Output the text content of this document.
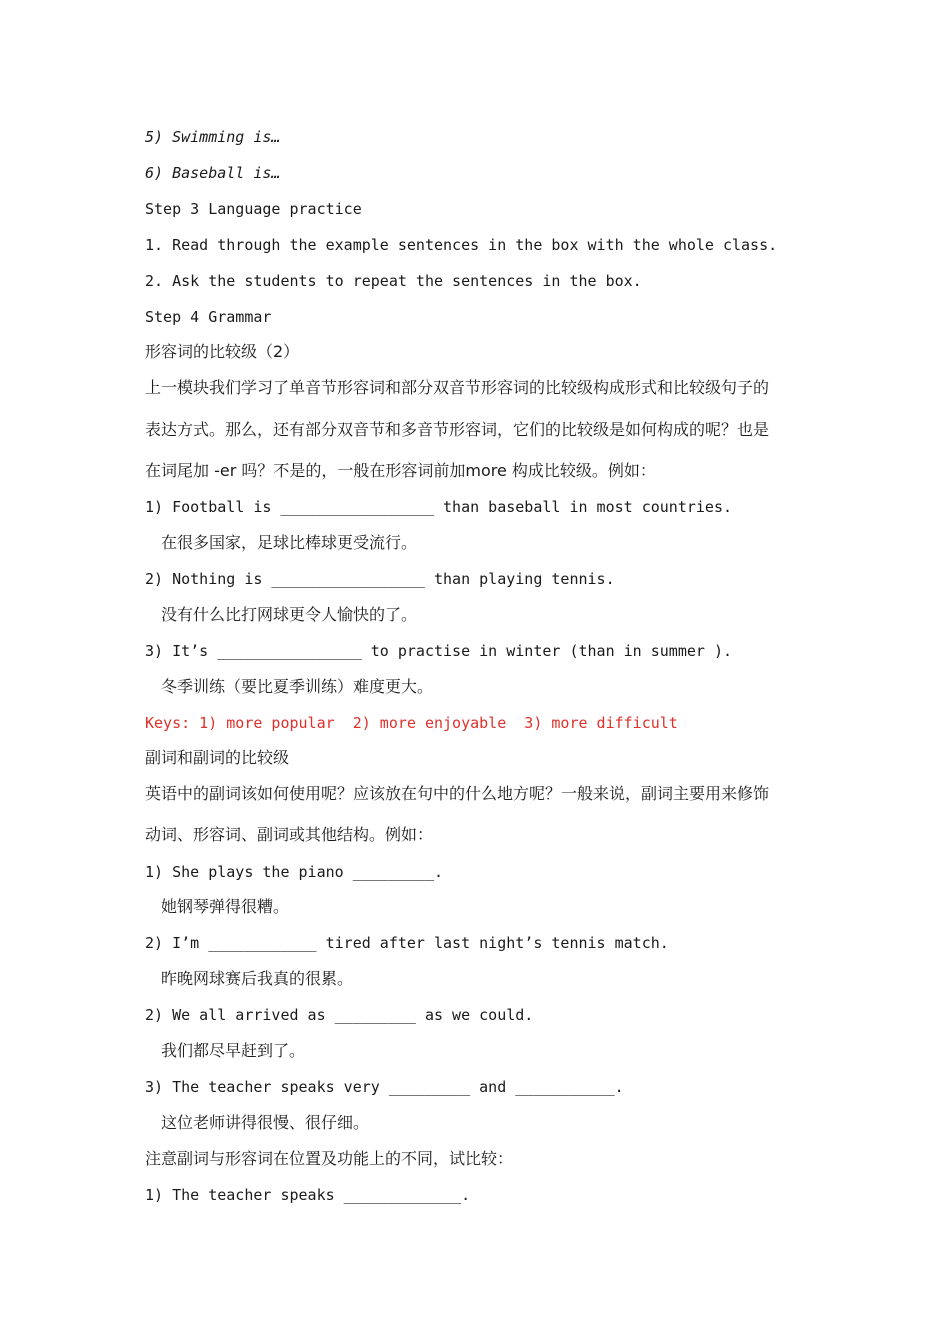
5) Swimming is…
6) Baseball is…
Step 3 Language practice
1. Read through the example sentences in the box with the whole class.
2. Ask the students to repeat the sentences in the box.
Step 4 Grammar
形容词的比较级（2）
上一模块我们学习了单音节形容词和部分双音节形容词的比较级构成形式和比较级句子的
表达方式。那么，还有部分双音节和多音节形容词，它们的比较级是如何构成的呢？也是
在词尾加 -er 吗？不是的，一般在形容词前加more 构成比较级。例如：
1) Football is _________________ than baseball in most countries.
在很多国家，足球比棒球更受流行。
2) Nothing is _________________ than playing tennis.
没有什么比打网球更令人愉快的了。
3) It’s ________________ to practise in winter (than in summer ).
冬季训练（要比夏季训练）难度更大。
Keys: 1) more popular  2) more enjoyable  3) more difficult
副词和副词的比较级
英语中的副词该如何使用呢？应该放在句中的什么地方呢？一般来说，副词主要用来修饰
动词、形容词、副词或其他结构。例如：
1) She plays the piano _________.
她钢琴弹得很糟。
2) I’m ____________ tired after last night’s tennis match.
昨晚网球赛后我真的很累。
2) We all arrived as _________ as we could.
我们都尽早赶到了。
3) The teacher speaks very _________ and ___________.
这位老师讲得很慢、很仔细。
注意副词与形容词在位置及功能上的不同，试比较：
1) The teacher speaks _____________.
